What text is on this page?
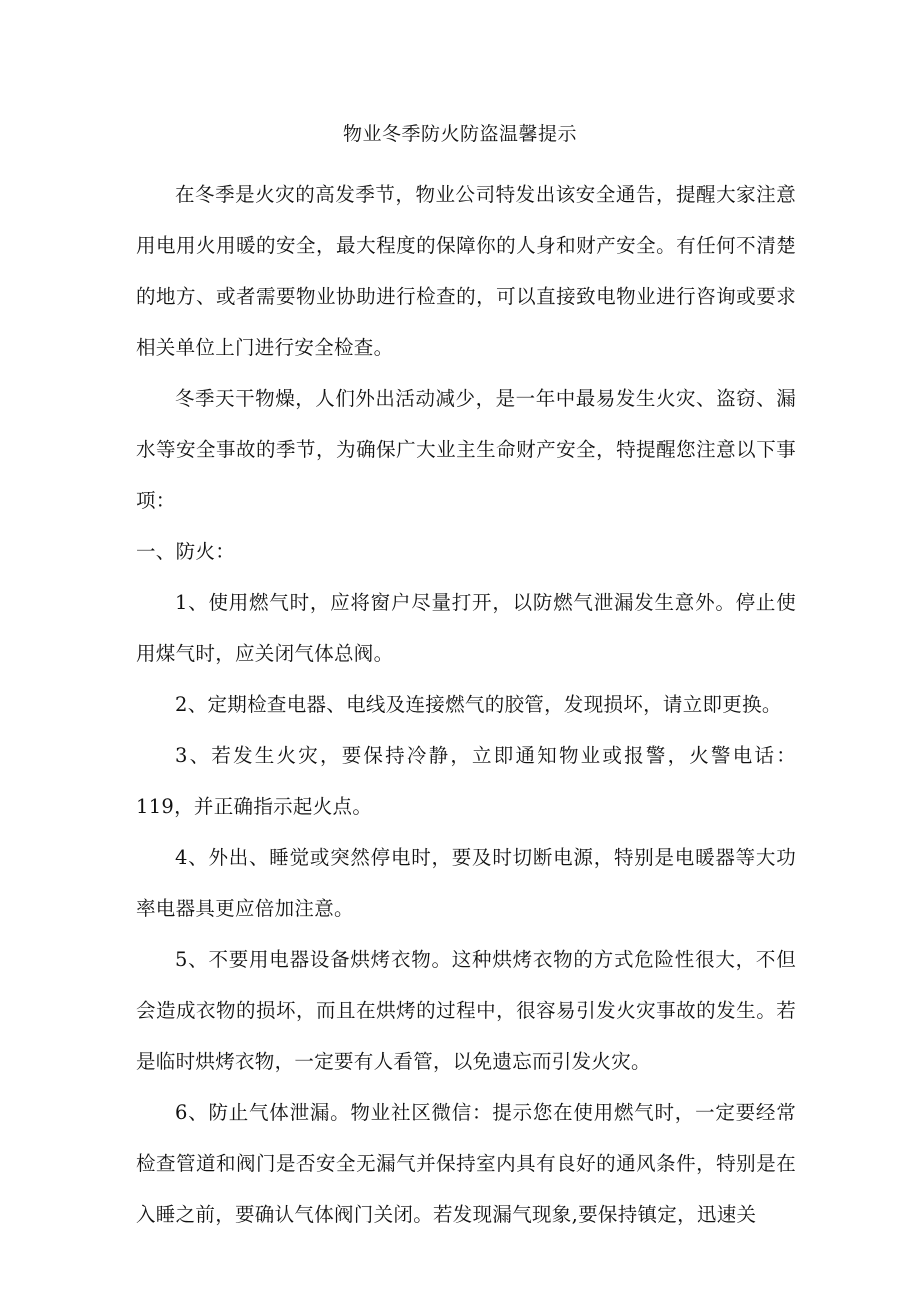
物业冬季防火防盗温馨提示

在冬季是火灾的高发季节，物业公司特发出该安全通告，提醒大家注意用电用火用暖的安全，最大程度的保障你的人身和财产安全。有任何不清楚的地方、或者需要物业协助进行检查的，可以直接致电物业进行咨询或要求相关单位上门进行安全检查。

冬季天干物燥，人们外出活动减少，是一年中最易发生火灾、盗窃、漏水等安全事故的季节，为确保广大业主生命财产安全，特提醒您注意以下事项：

一、防火：

1、使用燃气时，应将窗户尽量打开，以防燃气泄漏发生意外。停止使用煤气时，应关闭气体总阀。

2、定期检查电器、电线及连接燃气的胶管，发现损坏，请立即更换。

3、若发生火灾，要保持冷静，立即通知物业或报警，火警电话：119，并正确指示起火点。

4、外出、睡觉或突然停电时，要及时切断电源，特别是电暖器等大功率电器具更应倍加注意。

5、不要用电器设备烘烤衣物。这种烘烤衣物的方式危险性很大，不但会造成衣物的损坏，而且在烘烤的过程中，很容易引发火灾事故的发生。若是临时烘烤衣物，一定要有人看管，以免遗忘而引发火灾。

6、防止气体泄漏。物业社区微信：提示您在使用燃气时，一定要经常检查管道和阀门是否安全无漏气并保持室内具有良好的通风条件，特别是在入睡之前，要确认气体阀门关闭。若发现漏气现象,要保持镇定，迅速关
